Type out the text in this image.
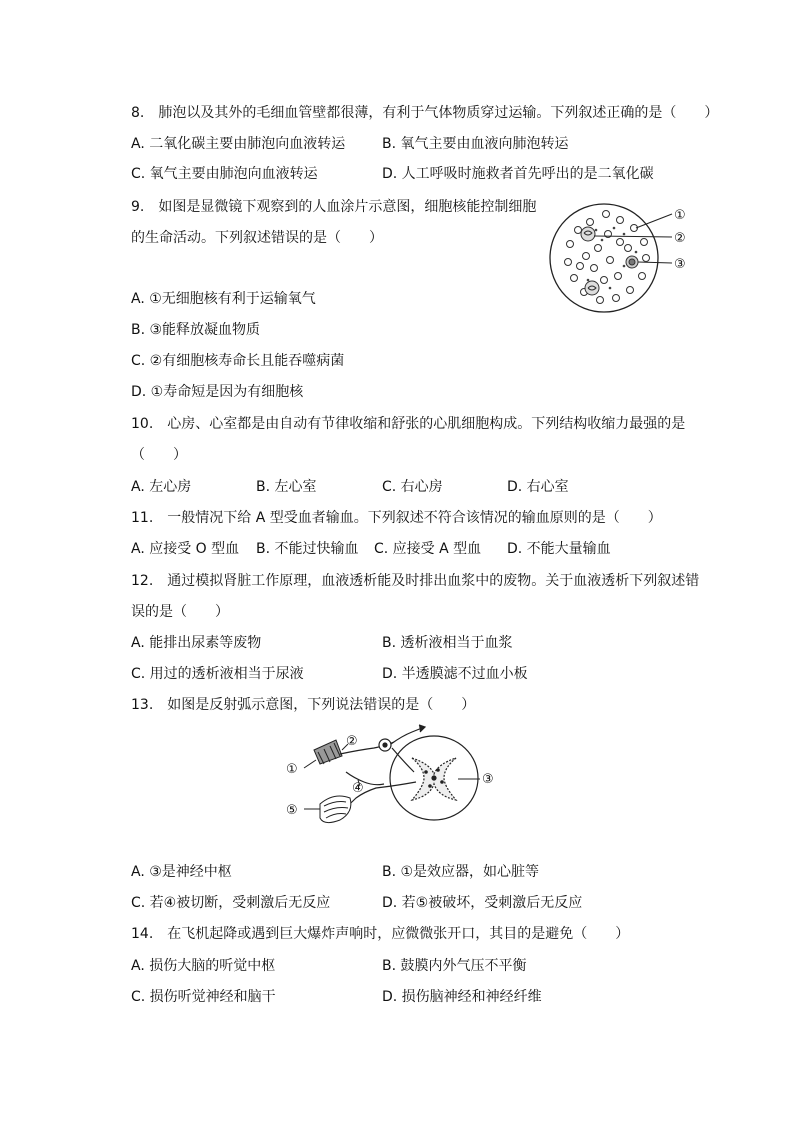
8.　肺泡以及其外的毛细血管壁都很薄，有利于气体物质穿过运输。下列叙述正确的是（　　）
A. 二氧化碳主要由肺泡向血液转运	B. 氧气主要由血液向肺泡转运
C. 氧气主要由肺泡向血液转运	D. 人工呼吸时施救者首先呼出的是二氧化碳
9.　如图是显微镜下观察到的人血涂片示意图，细胞核能控制细胞
的生命活动。下列叙述错误的是（　　）
A. ①无细胞核有利于运输氧气
B. ③能释放凝血物质
C. ②有细胞核寿命长且能吞噬病菌
D. ①寿命短是因为有细胞核
①
②
③
10.　心房、心室都是由自动有节律收缩和舒张的心肌细胞构成。下列结构收缩力最强的是
（　　）
A. 左心房	B. 左心室	C. 右心房	D. 右心室
11.　一般情况下给 A 型受血者输血。下列叙述不符合该情况的输血原则的是（　　）
A. 应接受 O 型血 B. 不能过快输血 C. 应接受 A 型血 D. 不能大量输血
12.　通过模拟肾脏工作原理，血液透析能及时排出血浆中的废物。关于血液透析下列叙述错
误的是（　　）
A. 能排出尿素等废物	B. 透析液相当于血浆
C. 用过的透析液相当于尿液	D. 半透膜滤不过血小板
13.　如图是反射弧示意图，下列说法错误的是（　　）
①
②
③
④
⑤
A. ③是神经中枢	B. ①是效应器，如心脏等
C. 若④被切断，受刺激后无反应	D. 若⑤被破坏，受刺激后无反应
14.　在飞机起降或遇到巨大爆炸声响时，应微微张开口，其目的是避免（　　）
A. 损伤大脑的听觉中枢	B. 鼓膜内外气压不平衡
C. 损伤听觉神经和脑干	D. 损伤脑神经和神经纤维
